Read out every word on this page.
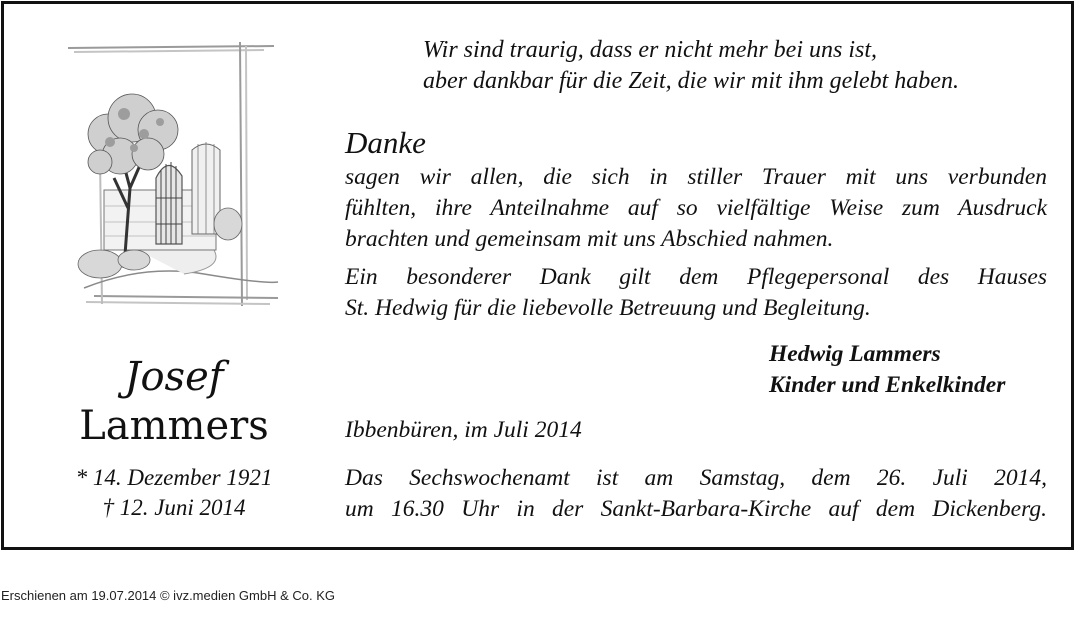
Josef
Lammers
* 14. Dezember 1921
† 12. Juni 2014
Wir sind traurig, dass er nicht mehr bei uns ist,
aber dankbar für die Zeit, die wir mit ihm gelebt haben.
Danke
sagen wir allen, die sich in stiller Trauer mit uns verbunden
fühlten, ihre Anteilnahme auf so vielfältige Weise zum Ausdruck
brachten und gemeinsam mit uns Abschied nahmen.
Ein besonderer Dank gilt dem Pflegepersonal des Hauses
St. Hedwig für die liebevolle Betreuung und Begleitung.
Hedwig Lammers
Kinder und Enkelkinder
Ibbenbüren, im Juli 2014
Das Sechswochenamt ist am Samstag, dem 26. Juli 2014,
um 16.30 Uhr in der Sankt-Barbara-Kirche auf dem Dickenberg.
Erschienen am 19.07.2014 © ivz.medien GmbH & Co. KG
